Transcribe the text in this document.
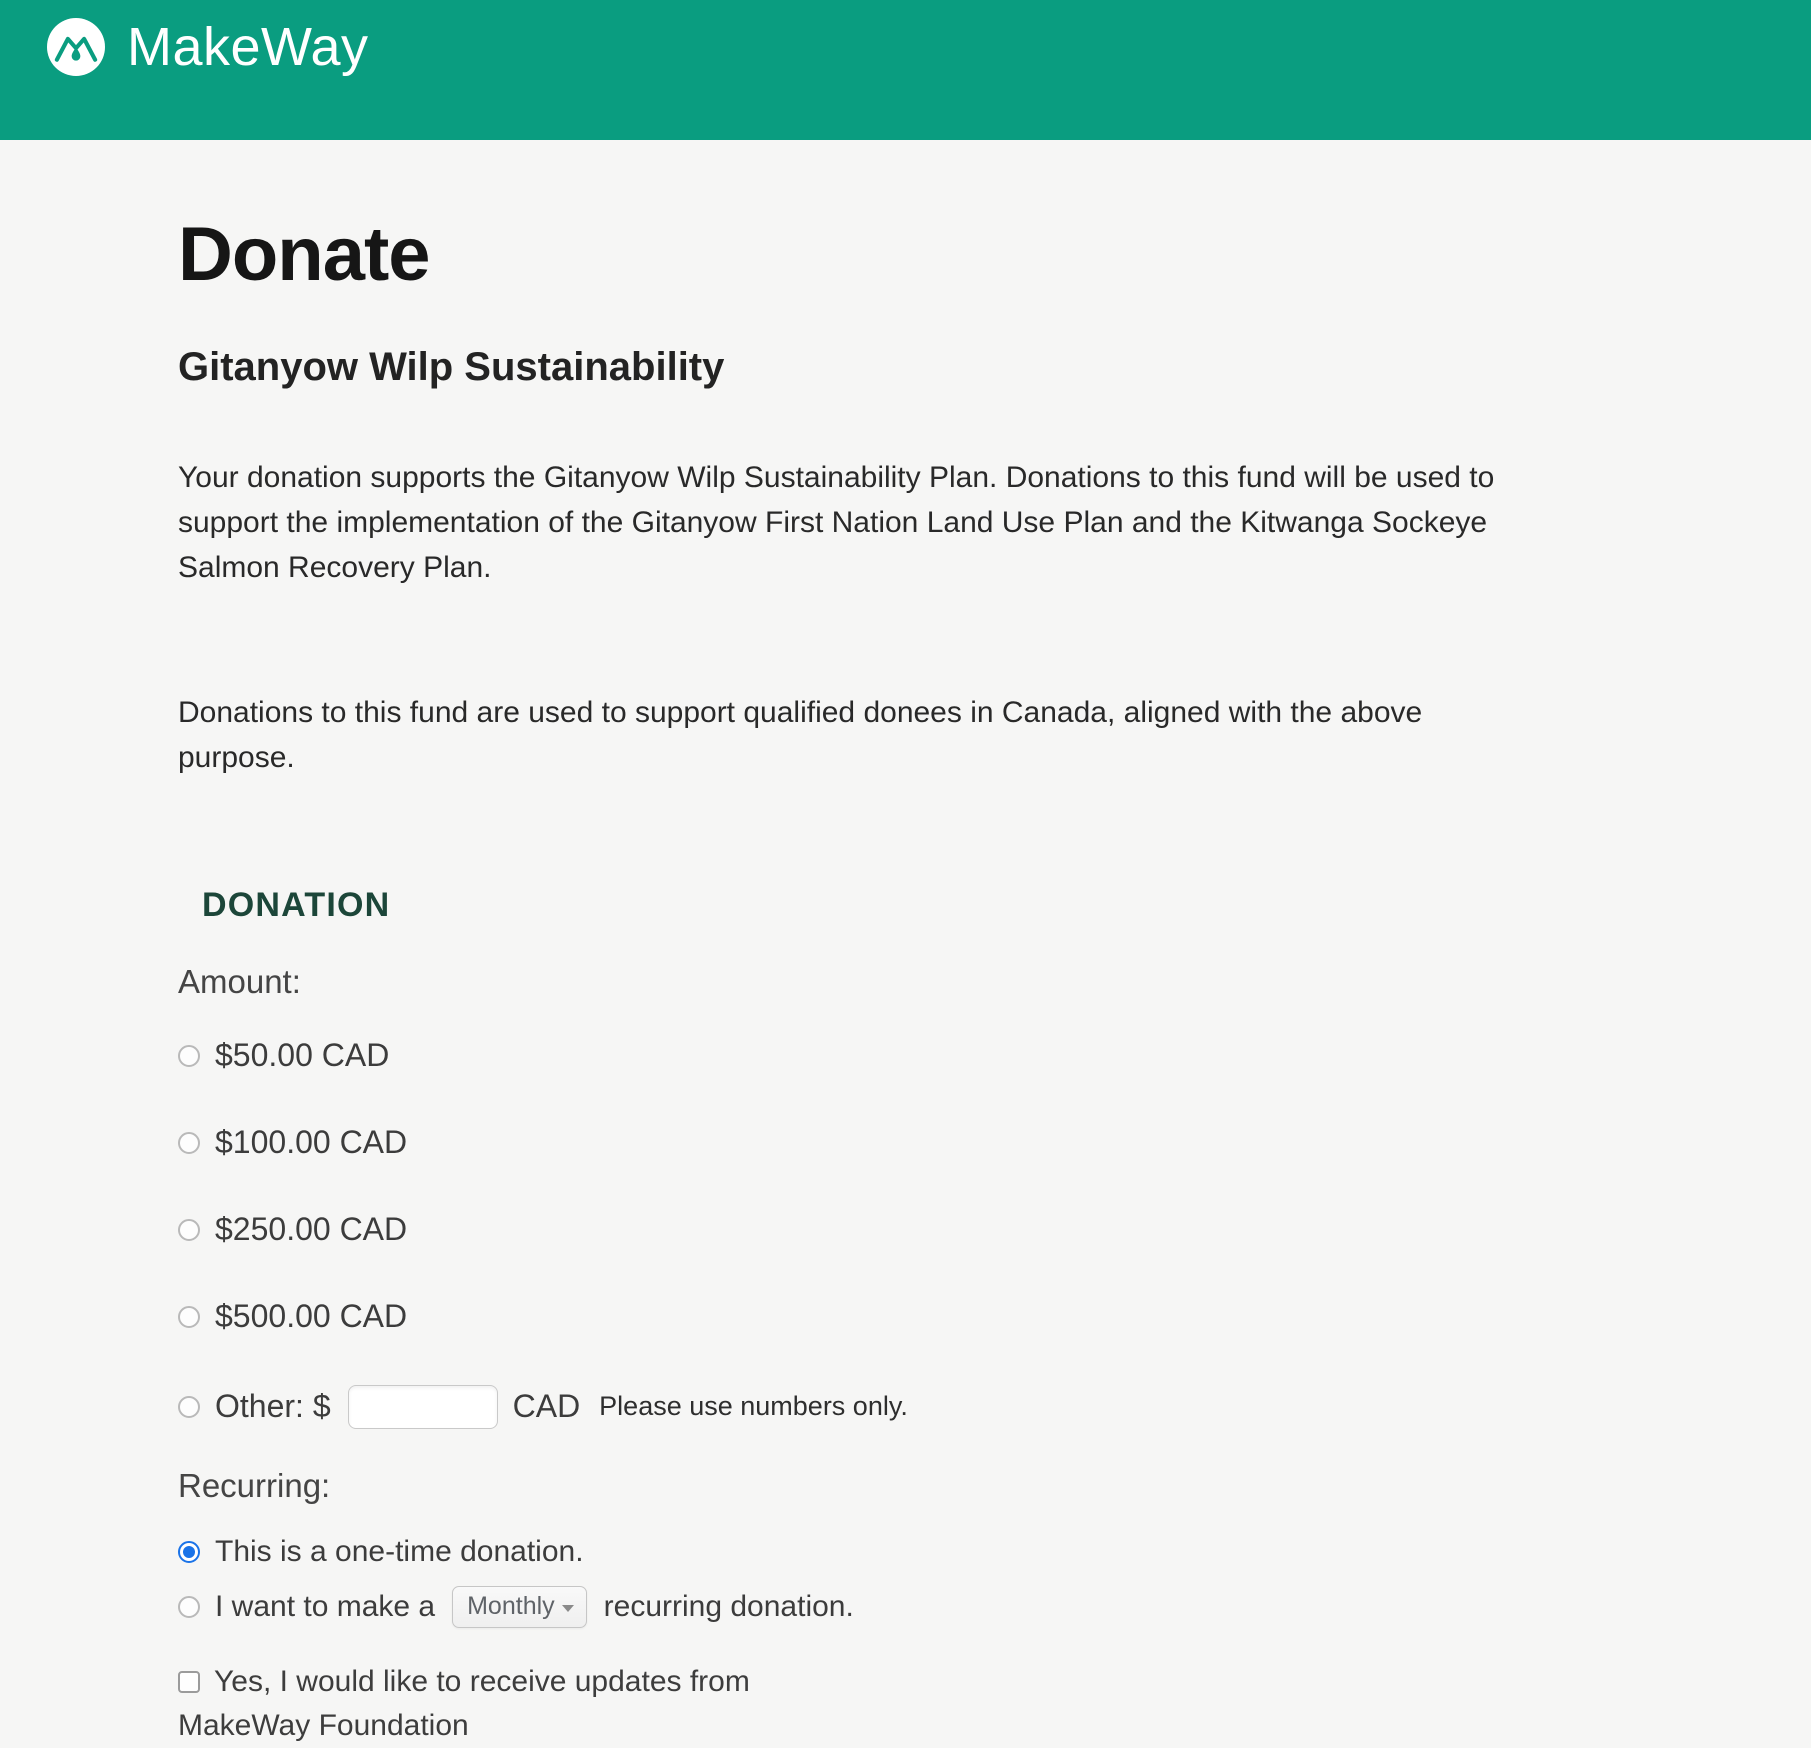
MakeWay
Donate
Gitanyow Wilp Sustainability
Your donation supports the Gitanyow Wilp Sustainability Plan. Donations to this fund will be used to
support the implementation of the Gitanyow First Nation Land Use Plan and the Kitwanga Sockeye
Salmon Recovery Plan.
Donations to this fund are used to support qualified donees in Canada, aligned with the above
purpose.
DONATION
Amount:
$50.00 CAD
$100.00 CAD
$250.00 CAD
$500.00 CAD
Other: $	CAD Please use numbers only.
Recurring:
This is a one-time donation.
I want to make a Monthly recurring donation.
Yes, I would like to receive updates from MakeWay Foundation
